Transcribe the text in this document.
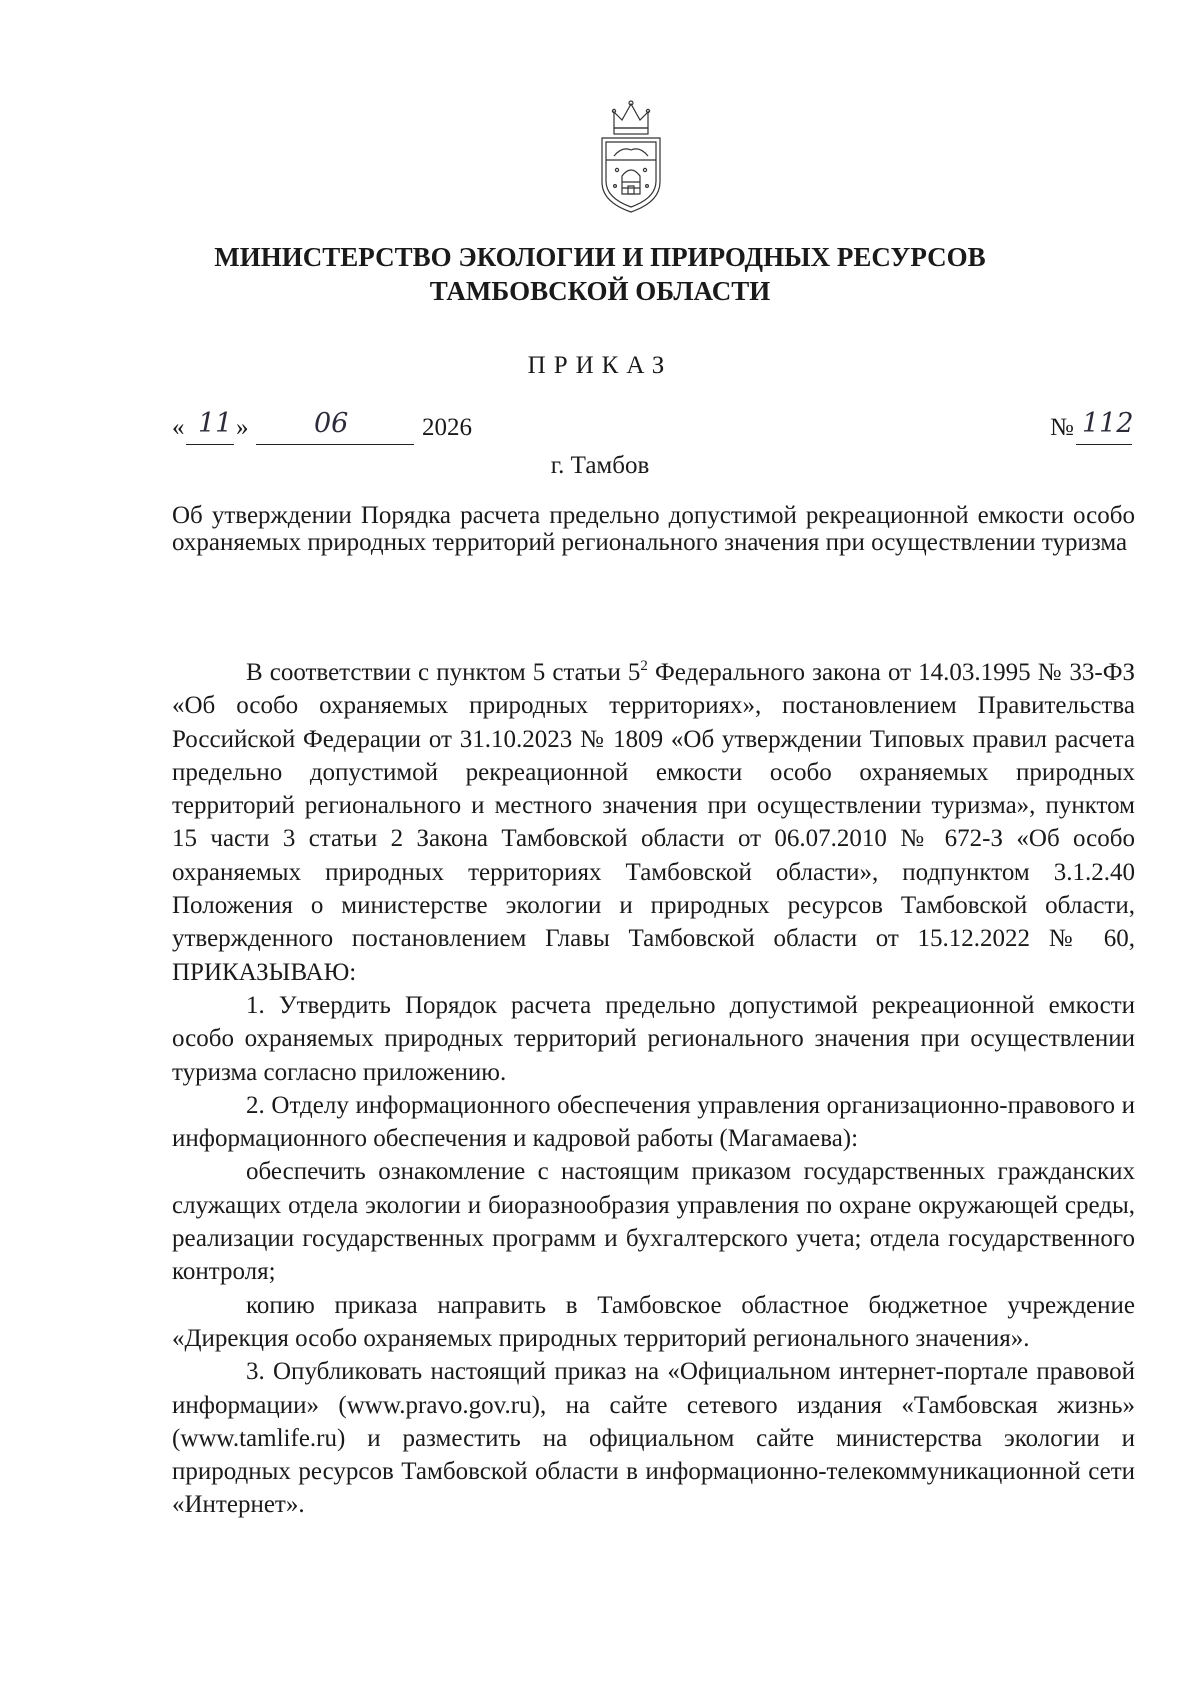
МИНИСТЕРСТВО ЭКОЛОГИИ И ПРИРОДНЫХ РЕСУРСОВ
ТАМБОВСКОЙ ОБЛАСТИ
ПРИКАЗ
« 11 » 06	2026	№ 112
г. Тамбов
Об утверждении Порядка расчета предельно допустимой рекреационной емкости особо охраняемых природных территорий регионального значения при осуществлении туризма

В соответствии с пунктом 5 статьи $5^2$ Федерального закона от 14.03.1995 № 33-ФЗ «Об особо охраняемых природных территориях», постановлением Правительства Российской Федерации от 31.10.2023 № 1809 «Об утверждении Типовых правил расчета предельно допустимой рекреационной емкости особо охраняемых природных территорий регионального и местного значения при осуществлении туризма», пунктом 15 части 3 статьи 2 Закона Тамбовской области от 06.07.2010 № 672-З «Об особо охраняемых природных территориях Тамбовской области», подпунктом 3.1.2.40 Положения о министерстве экологии и природных ресурсов Тамбовской области, утвержденного постановлением Главы Тамбовской области от 15.12.2022 № 60, ПРИКАЗЫВАЮ:

1. Утвердить Порядок расчета предельно допустимой рекреационной емкости особо охраняемых природных территорий регионального значения при осуществлении туризма согласно приложению.

2. Отделу информационного обеспечения управления организационно-правового и информационного обеспечения и кадровой работы (Магамаева):

обеспечить ознакомление с настоящим приказом государственных гражданских служащих отдела экологии и биоразнообразия управления по охране окружающей среды, реализации государственных программ и бухгалтерского учета; отдела государственного контроля;

копию приказа направить в Тамбовское областное бюджетное учреждение «Дирекция особо охраняемых природных территорий регионального значения».

3. Опубликовать настоящий приказ на «Официальном интернет-портале правовой информации» (www.pravo.gov.ru), на сайте сетевого издания «Тамбовская жизнь» (www.tamlife.ru) и разместить на официальном сайте министерства экологии и природных ресурсов Тамбовской области в информационно-телекоммуникационной сети «Интернет».
